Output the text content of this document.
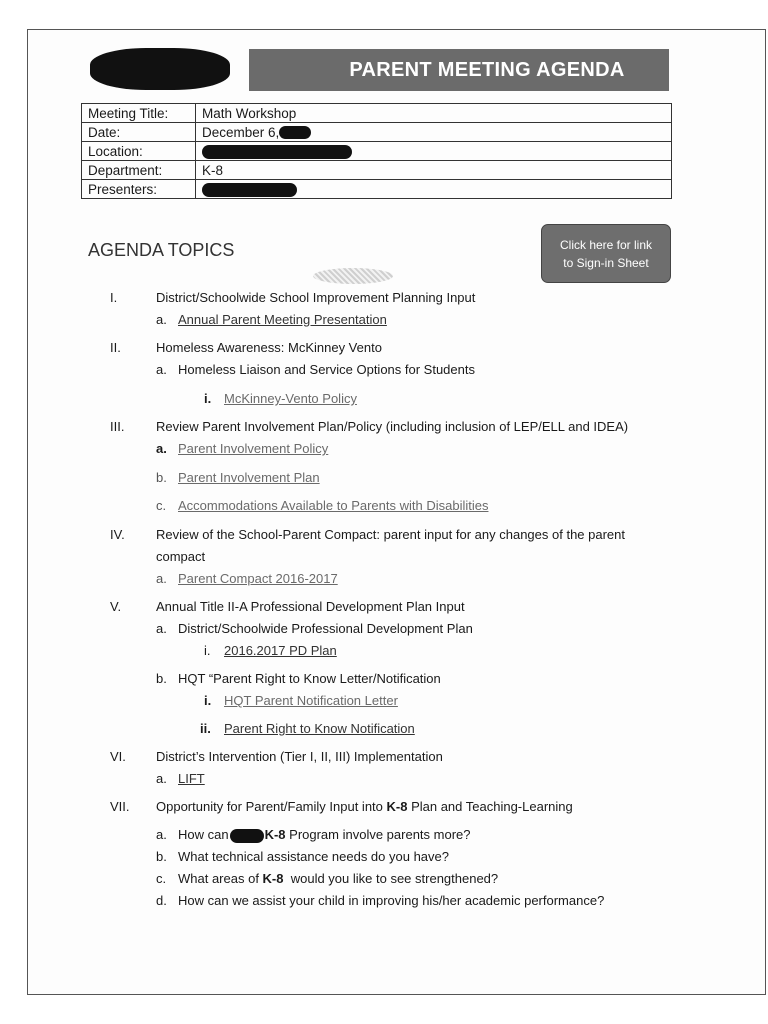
PARENT MEETING AGENDA
Meeting Title:	Math Workshop
Date:	December 6,
Location:	
Department:	K-8
Presenters:	
AGENDA TOPICS	Click here for link
to Sign-in Sheet
I.	District/Schoolwide School Improvement Planning Input
a. Annual Parent Meeting Presentation
II.	Homeless Awareness: McKinney Vento
a. Homeless Liaison and Service Options for Students
i. McKinney-Vento Policy
III. Review Parent Involvement Plan/Policy (including inclusion of LEP/ELL and IDEA)
a. Parent Involvement Policy
b. Parent Involvement Plan
c. Accommodations Available to Parents with Disabilities
IV. Review of the School-Parent Compact: parent input for any changes of the parent
compact
a. Parent Compact 2016-2017
V.	Annual Title II-A Professional Development Plan Input
a. District/Schoolwide Professional Development Plan
i. 2016.2017 PD Plan
b. HQT “Parent Right to Know Letter/Notification
i. HQT Parent Notification Letter
ii. Parent Right to Know Notification
VI. District’s Intervention (Tier I, II, III) Implementation
a. LIFT
VII. Opportunity for Parent/Family Input into K-8 Plan and Teaching-Learning
a. How can	K-8 Program involve parents more?
b. What technical assistance needs do you have?
c. What areas of K-8  would you like to see strengthened?
d. How can we assist your child in improving his/her academic performance?
